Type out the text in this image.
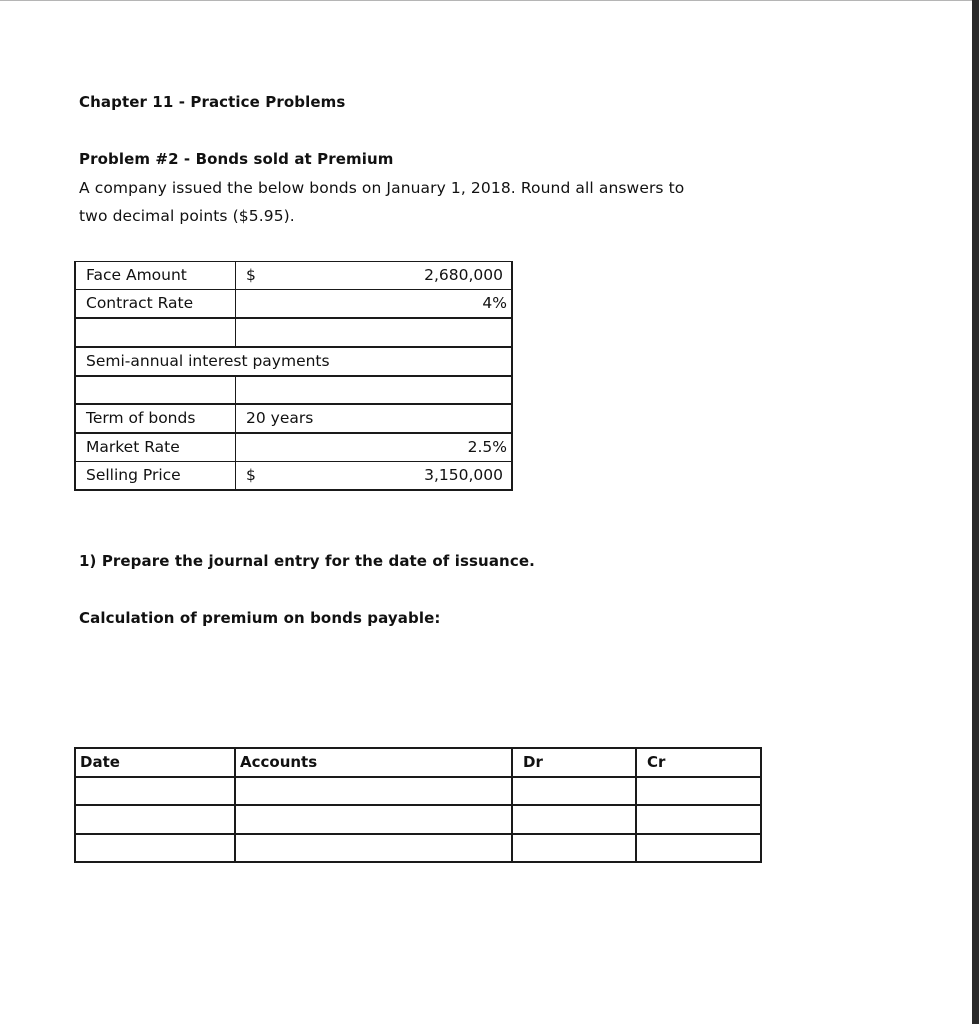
Chapter 11 - Practice Problems
Problem #2 - Bonds sold at Premium
A company issued the below bonds on January 1, 2018. Round all answers to
two decimal points ($5.95).
Face Amount	$	2,680,000
Contract Rate	4%
Semi-annual interest payments
Term of bonds	20 years
Market Rate	2.5%
Selling Price	$	3,150,000
1) Prepare the journal entry for the date of issuance.
Calculation of premium on bonds payable:
Date	Accounts	Dr	Cr
